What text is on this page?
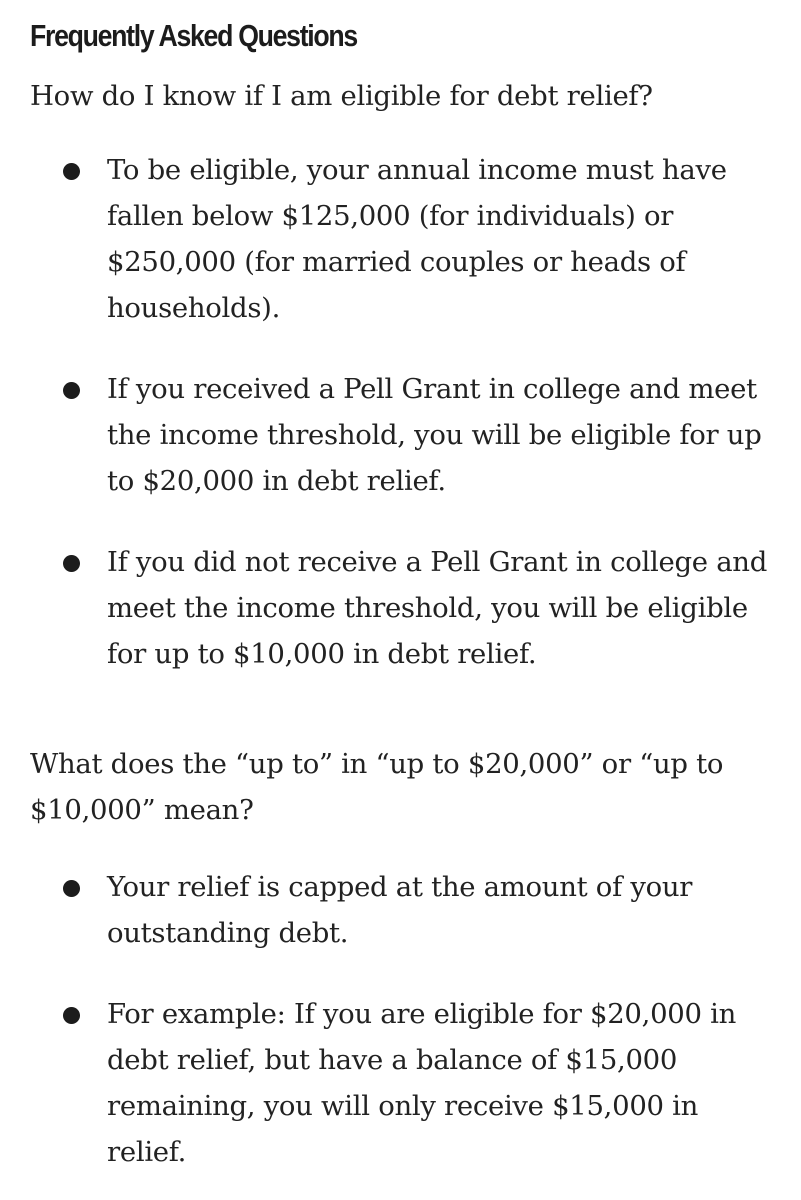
Frequently Asked Questions

How do I know if I am eligible for debt relief?

To be eligible, your annual income must have fallen below $125,000 (for individuals) or $250,000 (for married couples or heads of households).
If you received a Pell Grant in college and meet the income threshold, you will be eligible for up to $20,000 in debt relief.
If you did not receive a Pell Grant in college and meet the income threshold, you will be eligible for up to $10,000 in debt relief.

What does the “up to” in “up to $20,000” or “up to $10,000” mean?

Your relief is capped at the amount of your outstanding debt.
For example: If you are eligible for $20,000 in debt relief, but have a balance of $15,000 remaining, you will only receive $15,000 in relief.
